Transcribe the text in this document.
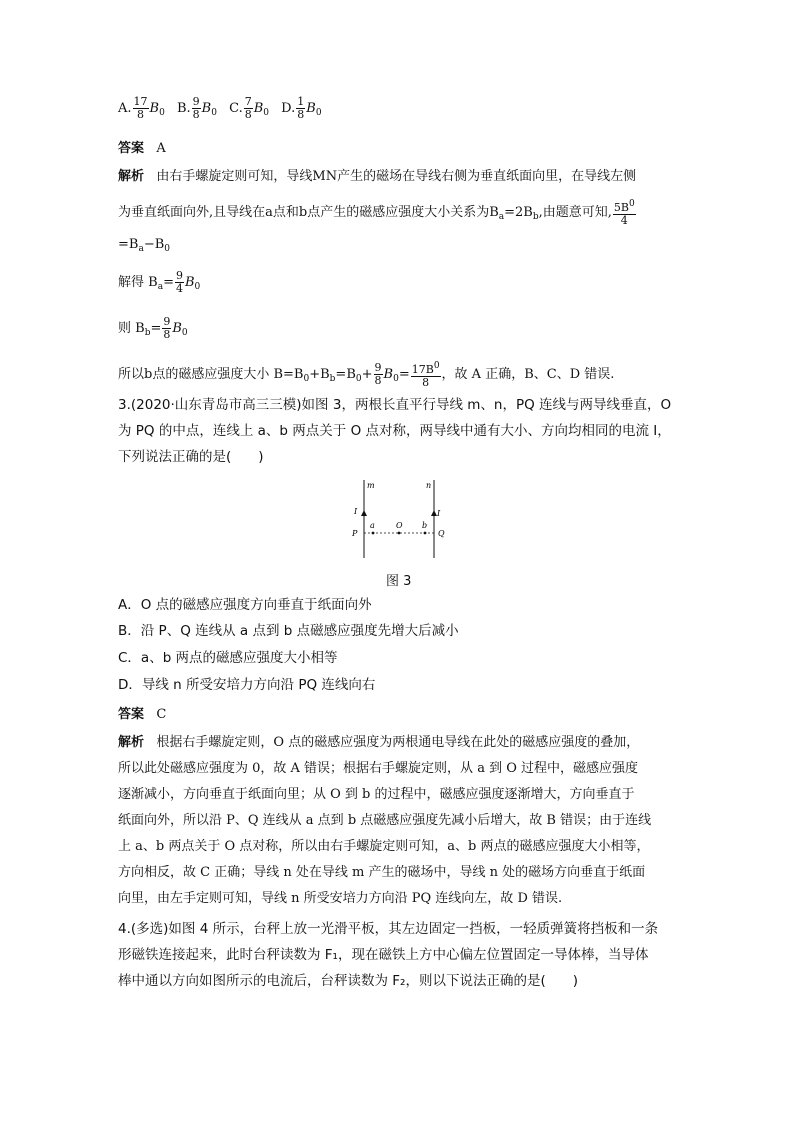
A. $\frac{17}{8} B_0$ B. $\frac{9}{8} B_0$ C. $\frac{7}{8} B_0$ D. $\frac{1}{8} B_0$
答案 A
解析 由右手螺旋定则可知，导线MN产生的磁场在导线右侧为垂直纸面向里，在导线左侧
为垂直纸面向外,且导线在a点和b点产生的磁感应强度大小关系为$B_a=2B_b$,由题意可知, $\frac{5B^0}{4}$
$=B_a-B_0$
解得 $B_a= \frac{9}{4} B_0$
则 $B_b= \frac{9}{8} B_0$
所以b点的磁感应强度大小 $B=B_0+B_b=B_0+ \frac{9}{8} B_0= \frac{17B^0}{8}$ ，故 A 正确，B、C、D 错误.
3.(2020·山东青岛市高三三模)如图 3，两根长直平行导线 m、n，PQ 连线与两导线垂直，O
为 PQ 的中点，连线上 a、b 两点关于 O 点对称，两导线中通有大小、方向均相同的电流 I，
下列说法正确的是(　　)
m	n
I	I
P
a	O b
Q
图 3
A．O 点的磁感应强度方向垂直于纸面向外
B．沿 P、Q 连线从 a 点到 b 点磁感应强度先增大后减小
C．a、b 两点的磁感应强度大小相等
D．导线 n 所受安培力方向沿 PQ 连线向右
答案 C
解析 根据右手螺旋定则，O 点的磁感应强度为两根通电导线在此处的磁感应强度的叠加，
所以此处磁感应强度为 0，故 A 错误；根据右手螺旋定则，从 a 到 O 过程中，磁感应强度
逐渐减小，方向垂直于纸面向里；从 O 到 b 的过程中，磁感应强度逐渐增大，方向垂直于
纸面向外，所以沿 P、Q 连线从 a 点到 b 点磁感应强度先减小后增大，故 B 错误；由于连线
上 a、b 两点关于 O 点对称，所以由右手螺旋定则可知，a、b 两点的磁感应强度大小相等，
方向相反，故 C 正确；导线 n 处在导线 m 产生的磁场中，导线 n 处的磁场方向垂直于纸面
向里，由左手定则可知，导线 n 所受安培力方向沿 PQ 连线向左，故 D 错误.
4.(多选)如图 4 所示，台秤上放一光滑平板，其左边固定一挡板，一轻质弹簧将挡板和一条
形磁铁连接起来，此时台秤读数为 F₁，现在磁铁上方中心偏左位置固定一导体棒，当导体
棒中通以方向如图所示的电流后，台秤读数为 F₂，则以下说法正确的是(　　)
